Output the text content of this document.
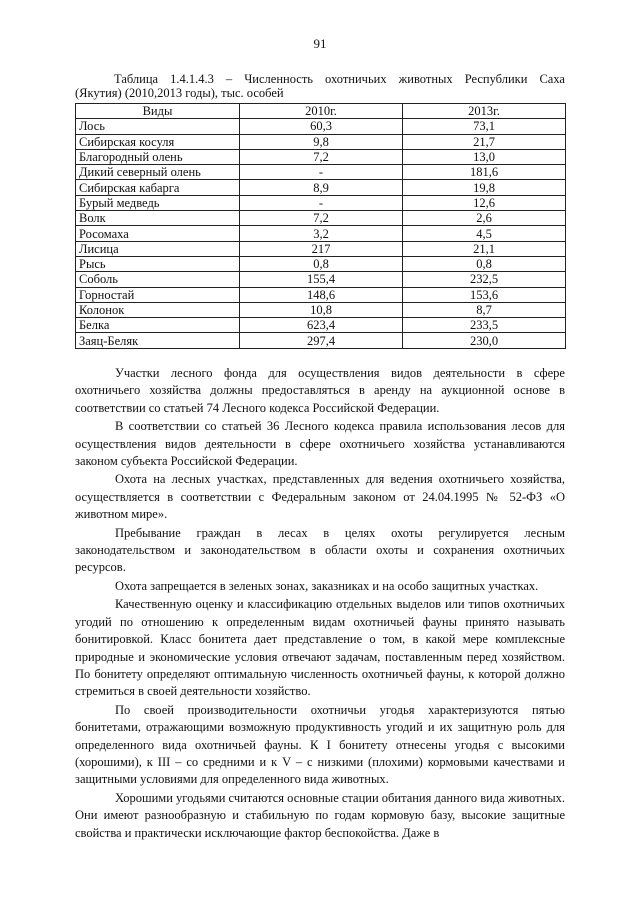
91
Таблица 1.4.1.4.3 – Численность охотничьих животных Республики Саха
(Якутия) (2010,2013 годы), тыс. особей
Виды	2010г.	2013г.
Лось	60,3	73,1
Сибирская косуля	9,8	21,7
Благородный олень	7,2	13,0
Дикий северный олень	-	181,6
Сибирская кабарга	8,9	19,8
Бурый медведь	-	12,6
Волк	7,2	2,6
Росомаха	3,2	4,5
Лисица	217	21,1
Рысь	0,8	0,8
Соболь	155,4	232,5
Горностай	148,6	153,6
Колонок	10,8	8,7
Белка	623,4	233,5
Заяц-Беляк	297,4	230,0

Участки лесного фонда для осуществления видов деятельности в сфере охотничьего хозяйства должны предоставляться в аренду на аукционной основе в соответствии со статьей 74 Лесного кодекса Российской Федерации.

В соответствии со статьей 36 Лесного кодекса правила использования лесов для осуществления видов деятельности в сфере охотничьего хозяйства устанавливаются законом субъекта Российской Федерации.

Охота на лесных участках, представленных для ведения охотничьего хозяйства, осуществляется в соответствии с Федеральным законом от 24.04.1995 № 52-ФЗ «О животном мире».

Пребывание граждан в лесах в целях охоты регулируется лесным законодательством и законодательством в области охоты и сохранения охотничьих ресурсов.

Охота запрещается в зеленых зонах, заказниках и на особо защитных участках.

Качественную оценку и классификацию отдельных выделов или типов охотничьих угодий по отношению к определенным видам охотничьей фауны принято называть бонитировкой. Класс бонитета дает представление о том, в какой мере комплексные природные и экономические условия отвечают задачам, поставленным перед хозяйством. По бонитету определяют оптимальную численность охотничьей фауны, к которой должно стремиться в своей деятельности хозяйство.

По своей производительности охотничьи угодья характеризуются пятью бонитетами, отражающими возможную продуктивность угодий и их защитную роль для определенного вида охотничьей фауны. К I бонитету отнесены угодья с высокими (хорошими), к III – со средними и к V – с низкими (плохими) кормовыми качествами и защитными условиями для определенного вида животных.

Хорошими угодьями считаются основные стации обитания данного вида животных. Они имеют разнообразную и стабильную по годам кормовую базу, высокие защитные свойства и практически исключающие фактор беспокойства. Даже в
